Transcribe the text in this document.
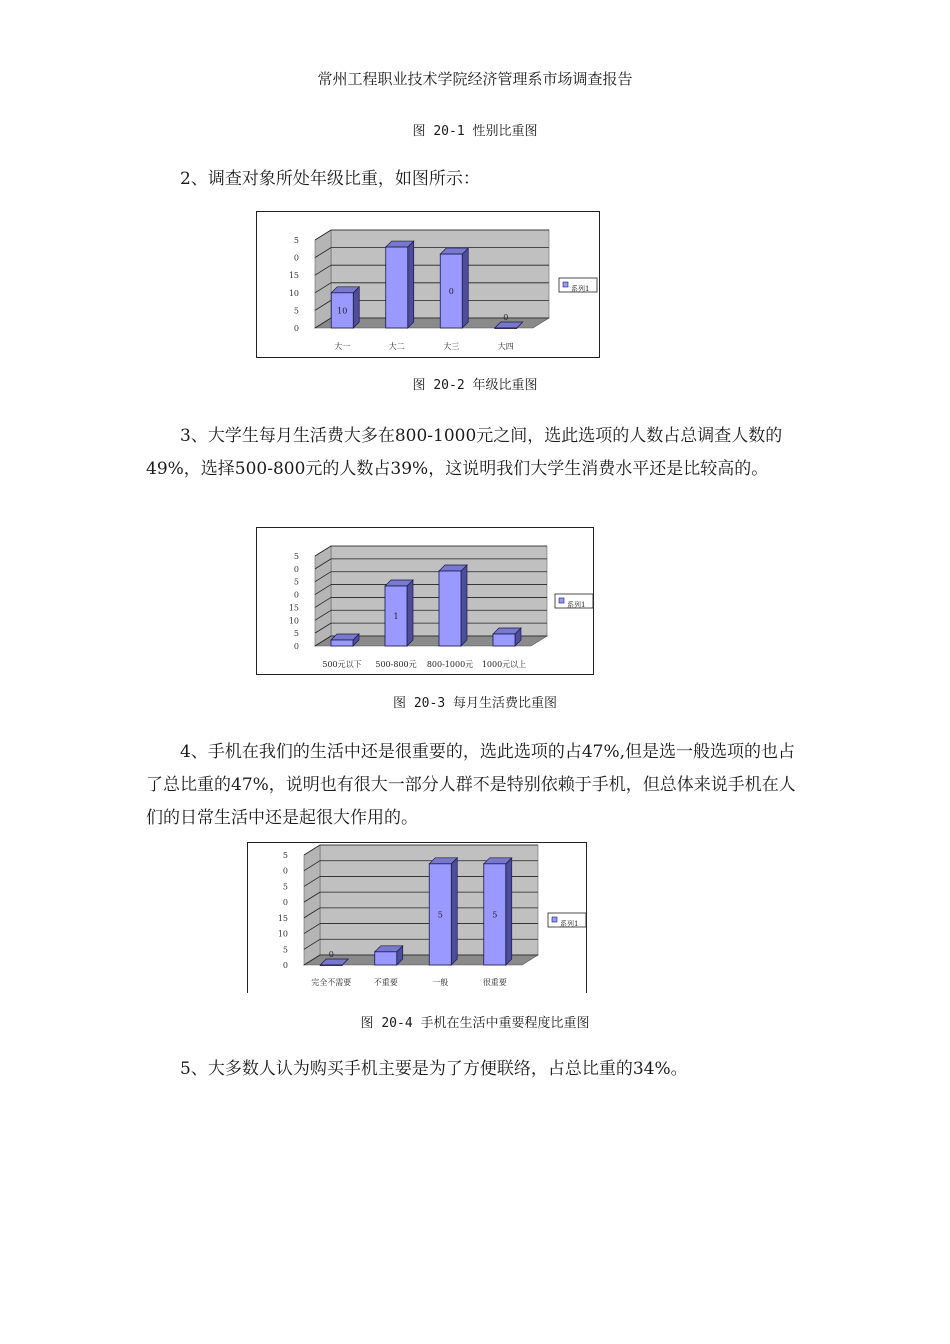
常州工程职业技术学院经济管理系市场调查报告
图 20-1 性别比重图

2、调查对象所处年级比重，如图所示：

0
5
10
15
0
5
10
大一	大二
0
大三
0
大四
系列1
图 20-2 年级比重图

3、大学生每月生活费大多在800-1000元之间，选此选项的人数占总调查人数的49%，选择500-800元的人数占39%，这说明我们大学生消费水平还是比较高的。

0
5
10
15
0
5
0
5
500元以下
1
500-800元 800-1000元 1000元以上
系列1
图 20-3 每月生活费比重图

4、手机在我们的生活中还是很重要的，选此选项的占47%,但是选一般选项的也占了总比重的47%，说明也有很大一部分人群不是特别依赖于手机，但总体来说手机在人们的日常生活中还是起很大作用的。

0
5
10
15
0
5
0
5
0
完全不需要	不重要
5
一般
5
很重要
系列1
图 20-4 手机在生活中重要程度比重图

5、大多数人认为购买手机主要是为了方便联络，占总比重的34%。
